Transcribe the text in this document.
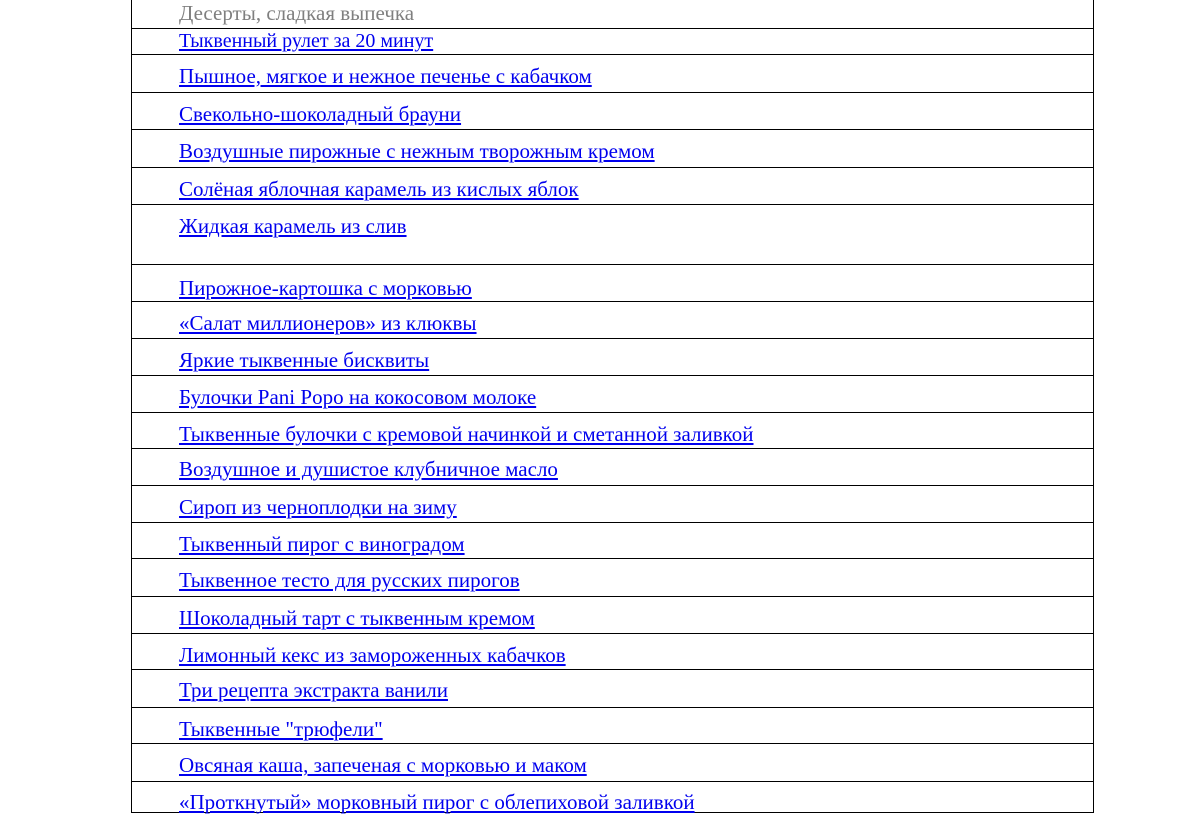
Десерты, сладкая выпечка
Тыквенный рулет за 20 минут
Пышное, мягкое и нежное печенье с кабачком
Свекольно-шоколадный брауни
Воздушные пирожные с нежным творожным кремом
Солёная яблочная карамель из кислых яблок
Жидкая карамель из слив
Пирожное-картошка с морковью
«Салат миллионеров» из клюквы
Яркие тыквенные бисквиты
Булочки Pani Popo на кокосовом молоке
Тыквенные булочки с кремовой начинкой и сметанной заливкой
Воздушное и душистое клубничное масло
Сироп из черноплодки на зиму
Тыквенный пирог с виноградом
Тыквенное тесто для русских пирогов
Шоколадный тарт с тыквенным кремом
Лимонный кекс из замороженных кабачков
Три рецепта экстракта ванили
Тыквенные "трюфели"
Овсяная каша, запеченая с морковью и маком
«Проткнутый» морковный пирог с облепиховой заливкой
